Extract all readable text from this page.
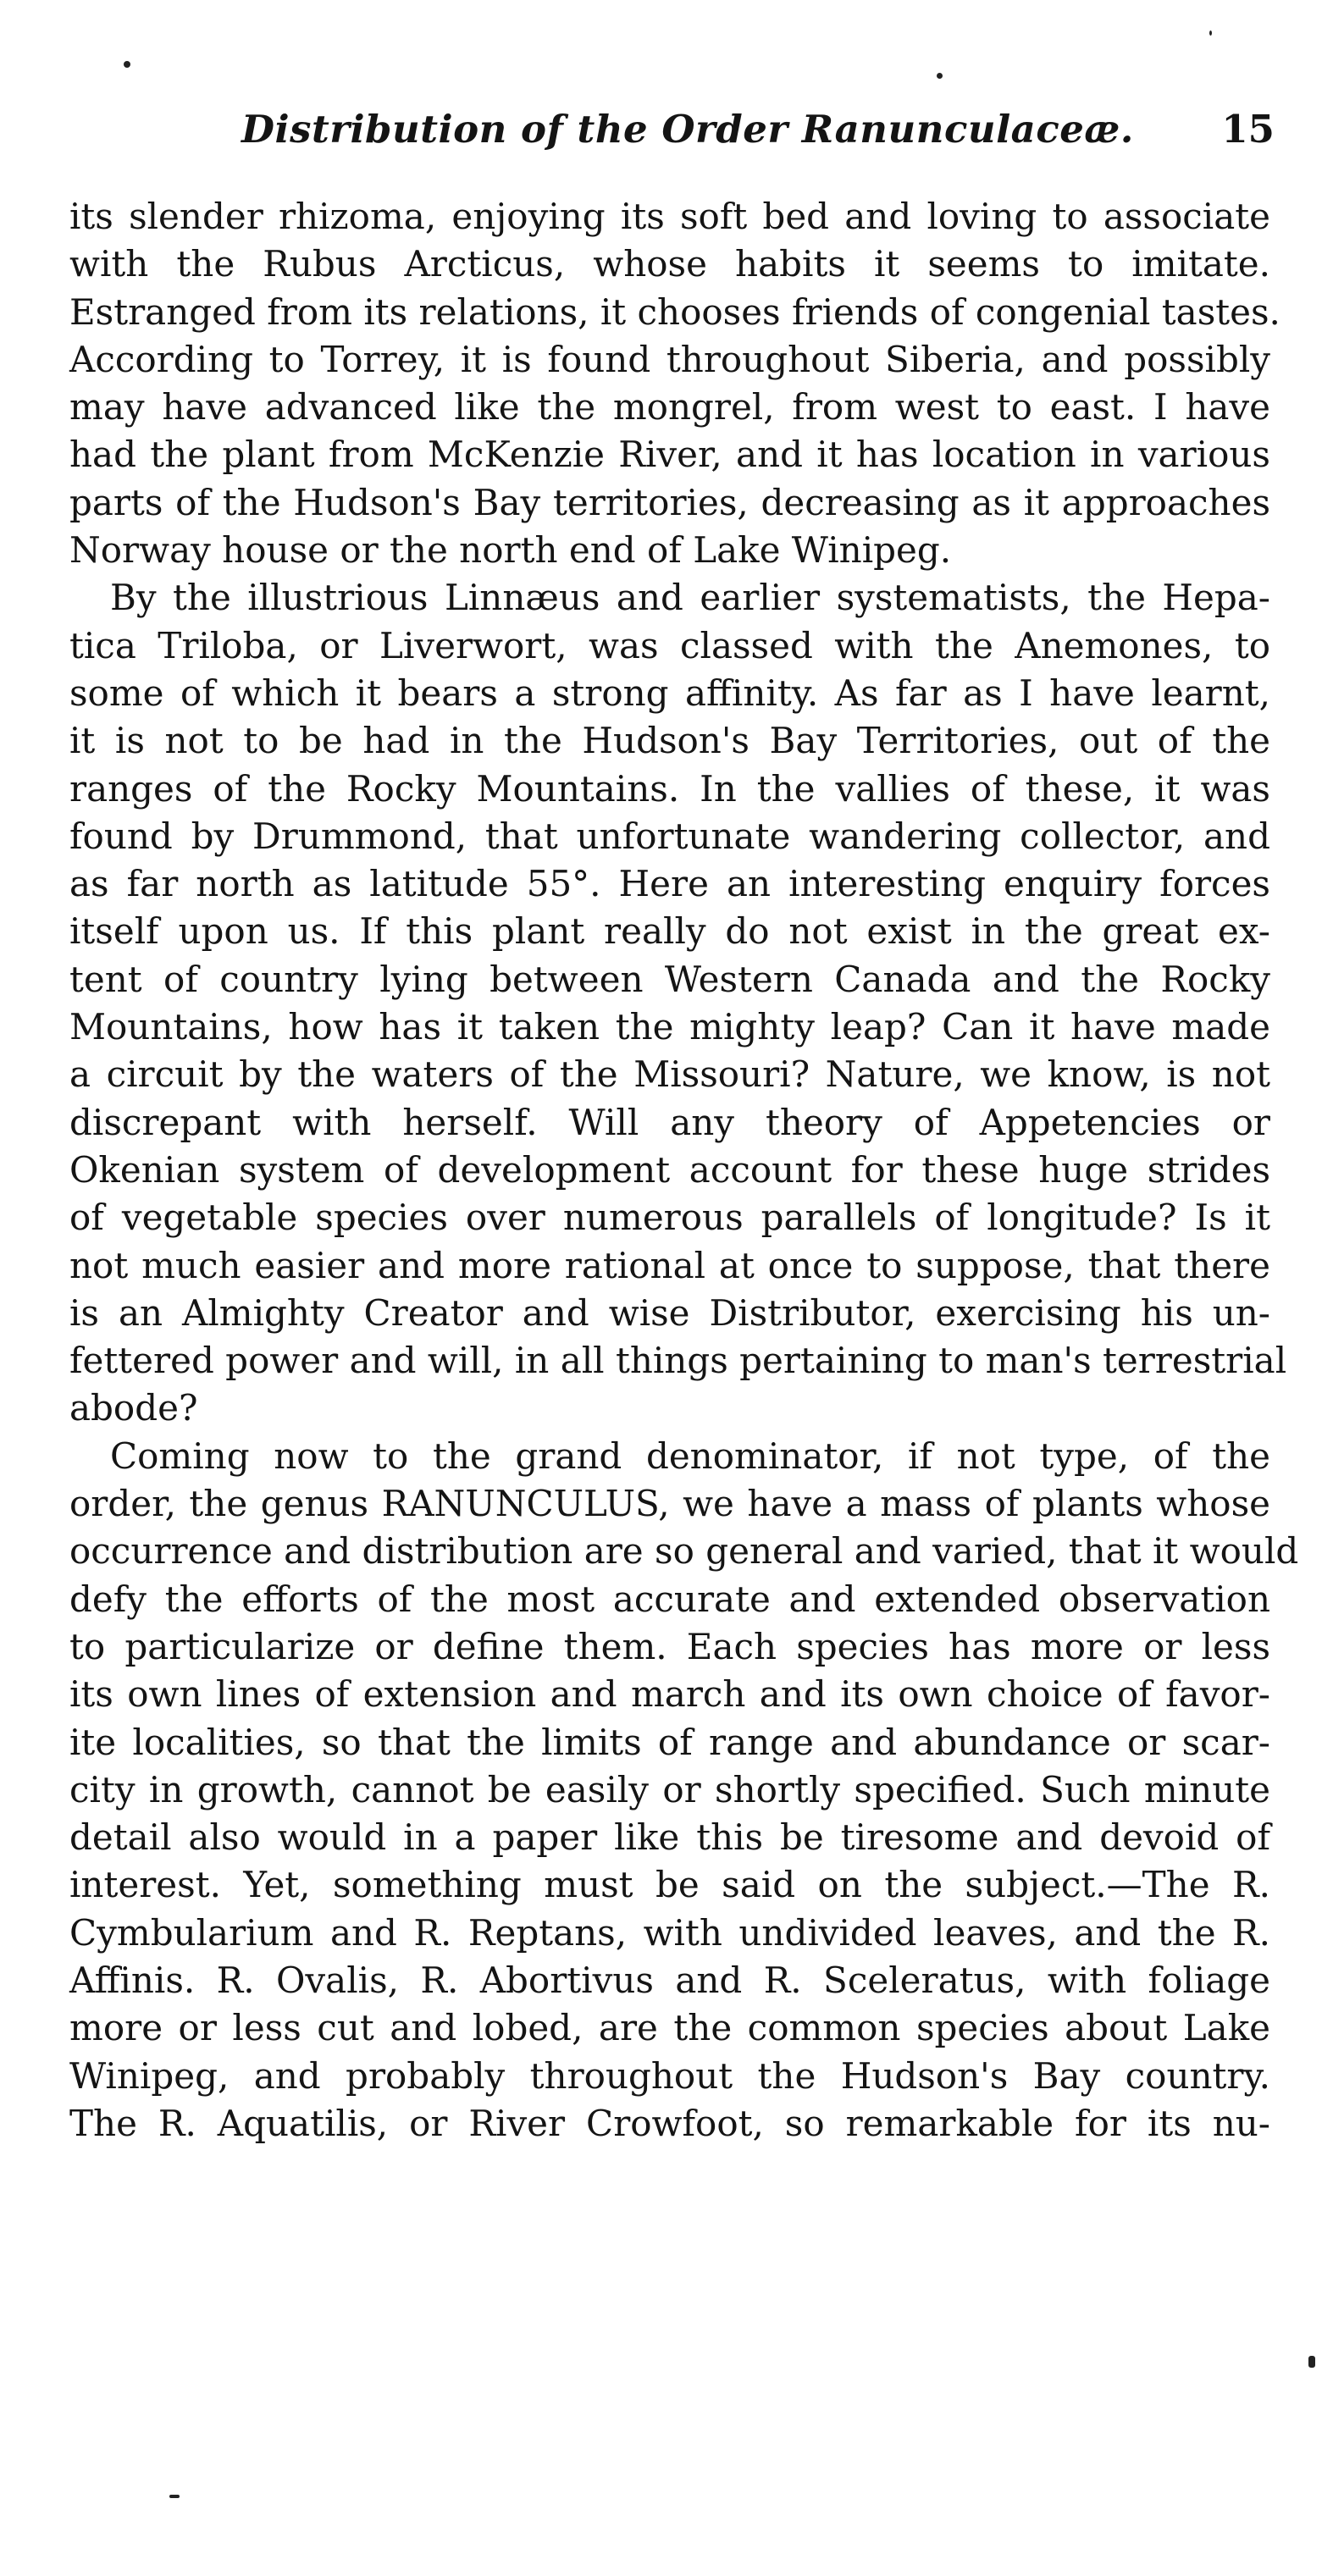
Distribution of the Order Ranunculaceæ. 15
its slender rhizoma, enjoying its soft bed and loving to associate
with the Rubus Arcticus, whose habits it seems to imitate.
Estranged from its relations, it chooses friends of congenial tastes.
According to Torrey, it is found throughout Siberia, and possibly
may have advanced like the mongrel, from west to east. I have
had the plant from McKenzie River, and it has location in various
parts of the Hudson's Bay territories, decreasing as it approaches
Norway house or the north end of Lake Winipeg.
By the illustrious Linnæus and earlier systematists, the Hepa-
tica Triloba, or Liverwort, was classed with the Anemones, to
some of which it bears a strong affinity. As far as I have learnt,
it is not to be had in the Hudson's Bay Territories, out of the
ranges of the Rocky Mountains. In the vallies of these, it was
found by Drummond, that unfortunate wandering collector, and
as far north as latitude 55°. Here an interesting enquiry forces
itself upon us. If this plant really do not exist in the great ex-
tent of country lying between Western Canada and the Rocky
Mountains, how has it taken the mighty leap? Can it have made
a circuit by the waters of the Missouri? Nature, we know, is not
discrepant with herself. Will any theory of Appetencies or
Okenian system of development account for these huge strides
of vegetable species over numerous parallels of longitude? Is it
not much easier and more rational at once to suppose, that there
is an Almighty Creator and wise Distributor, exercising his un-
fettered power and will, in all things pertaining to man's terrestrial
abode?
Coming now to the grand denominator, if not type, of the
order, the genus RANUNCULUS, we have a mass of plants whose
occurrence and distribution are so general and varied, that it would
defy the efforts of the most accurate and extended observation
to particularize or define them. Each species has more or less
its own lines of extension and march and its own choice of favor-
ite localities, so that the limits of range and abundance or scar-
city in growth, cannot be easily or shortly specified. Such minute
detail also would in a paper like this be tiresome and devoid of
interest. Yet, something must be said on the subject.—The R.
Cymbularium and R. Reptans, with undivided leaves, and the R.
Affinis. R. Ovalis, R. Abortivus and R. Sceleratus, with foliage
more or less cut and lobed, are the common species about Lake
Winipeg, and probably throughout the Hudson's Bay country.
The R. Aquatilis, or River Crowfoot, so remarkable for its nu-
